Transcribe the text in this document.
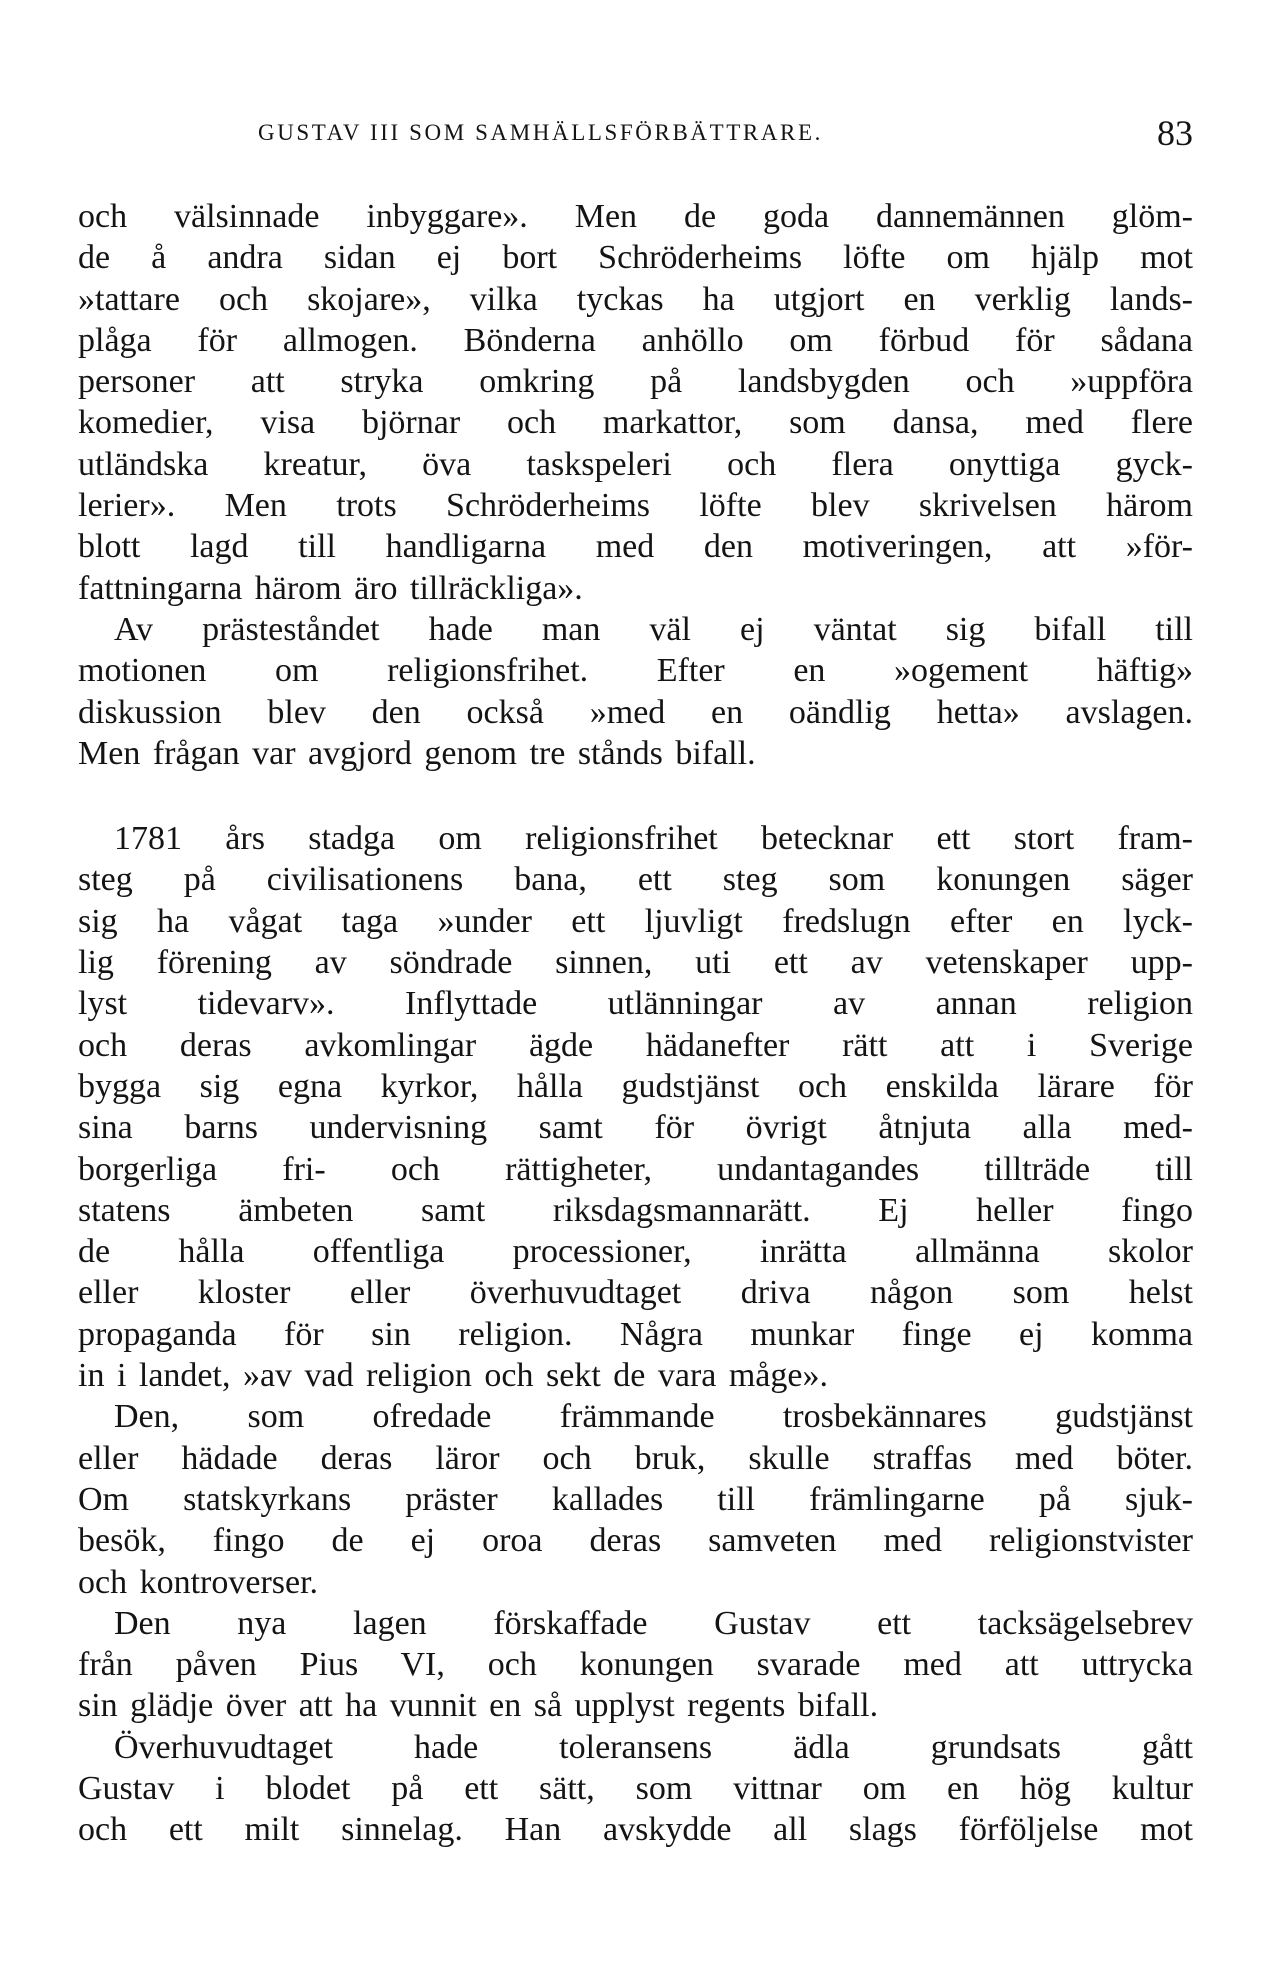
GUSTAV III SOM SAMHÄLLSFÖRBÄTTRARE.	83
och välsinnade inbyggare». Men de goda dannemännen glöm-
de å andra sidan ej bort Schröderheims löfte om hjälp mot
»tattare och skojare», vilka tyckas ha utgjort en verklig lands-
plåga för allmogen. Bönderna anhöllo om förbud för sådana
personer att stryka omkring på landsbygden och »uppföra
komedier, visa björnar och markattor, som dansa, med flere
utländska kreatur, öva taskspeleri och flera onyttiga gyck-
lerier». Men trots Schröderheims löfte blev skrivelsen härom
blott lagd till handligarna med den motiveringen, att »för-
fattningarna härom äro tillräckliga».
Av prästeståndet hade man väl ej väntat sig bifall till
motionen om religionsfrihet. Efter en »ogement häftig»
diskussion blev den också »med en oändlig hetta» avslagen.
Men frågan var avgjord genom tre stånds bifall.
1781 års stadga om religionsfrihet betecknar ett stort fram-
steg på civilisationens bana, ett steg som konungen säger
sig ha vågat taga »under ett ljuvligt fredslugn efter en lyck-
lig förening av söndrade sinnen, uti ett av vetenskaper upp-
lyst tidevarv». Inflyttade utlänningar av annan religion
och deras avkomlingar ägde hädanefter rätt att i Sverige
bygga sig egna kyrkor, hålla gudstjänst och enskilda lärare för
sina barns undervisning samt för övrigt åtnjuta alla med-
borgerliga fri- och rättigheter, undantagandes tillträde till
statens ämbeten samt riksdagsmannarätt. Ej heller fingo
de hålla offentliga processioner, inrätta allmänna skolor
eller kloster eller överhuvudtaget driva någon som helst
propaganda för sin religion. Några munkar finge ej komma
in i landet, »av vad religion och sekt de vara måge».
Den, som ofredade främmande trosbekännares gudstjänst
eller hädade deras läror och bruk, skulle straffas med böter.
Om statskyrkans präster kallades till främlingarne på sjuk-
besök, fingo de ej oroa deras samveten med religionstvister
och kontroverser.
Den nya lagen förskaffade Gustav ett tacksägelsebrev
från påven Pius VI, och konungen svarade med att uttrycka
sin glädje över att ha vunnit en så upplyst regents bifall.
Överhuvudtaget hade toleransens ädla grundsats gått
Gustav i blodet på ett sätt, som vittnar om en hög kultur
och ett milt sinnelag. Han avskydde all slags förföljelse mot
